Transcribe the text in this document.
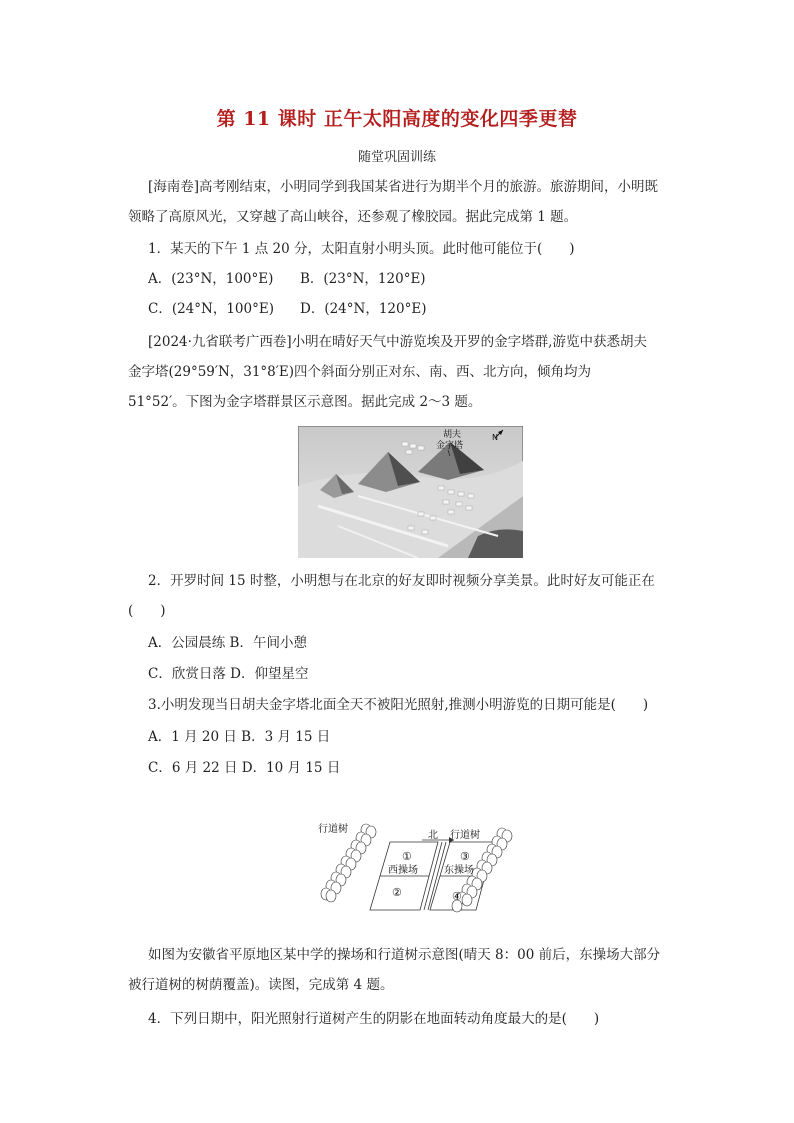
第 11 课时 正午太阳高度的变化四季更替
随堂巩固训练
[海南卷]高考刚结束，小明同学到我国某省进行为期半个月的旅游。旅游期间，小明既
领略了高原风光，又穿越了高山峡谷，还参观了橡胶园。据此完成第 1 题。
1．某天的下午 1 点 20 分，太阳直射小明头顶。此时他可能位于(　　)
A．(23°N，100°E) B．(23°N，120°E)
C．(24°N，100°E) D．(24°N，120°E)
[2024·九省联考广西卷]小明在晴好天气中游览埃及开罗的金字塔群,游览中获悉胡夫
金字塔(29°59′N，31°8′E)四个斜面分别正对东、南、西、北方向，倾角均为
51°52′。下图为金字塔群景区示意图。据此完成 2～3 题。
胡夫
金字塔
N
2．开罗时间 15 时整，小明想与在北京的好友即时视频分享美景。此时好友可能正在
(　　)
A．公园晨练 B．午间小憩
C．欣赏日落 D．仰望星空
3.小明发现当日胡夫金字塔北面全天不被阳光照射,推测小明游览的日期可能是(　　)
A．1 月 20 日 B．3 月 15 日
C．6 月 22 日 D．10 月 15 日
北
行道树
行道树
①
西操场
②
③
东操场
④
如图为安徽省平原地区某中学的操场和行道树示意图(晴天 8：00 前后，东操场大部分
被行道树的树荫覆盖)。读图，完成第 4 题。
4．下列日期中，阳光照射行道树产生的阴影在地面转动角度最大的是(　　)
